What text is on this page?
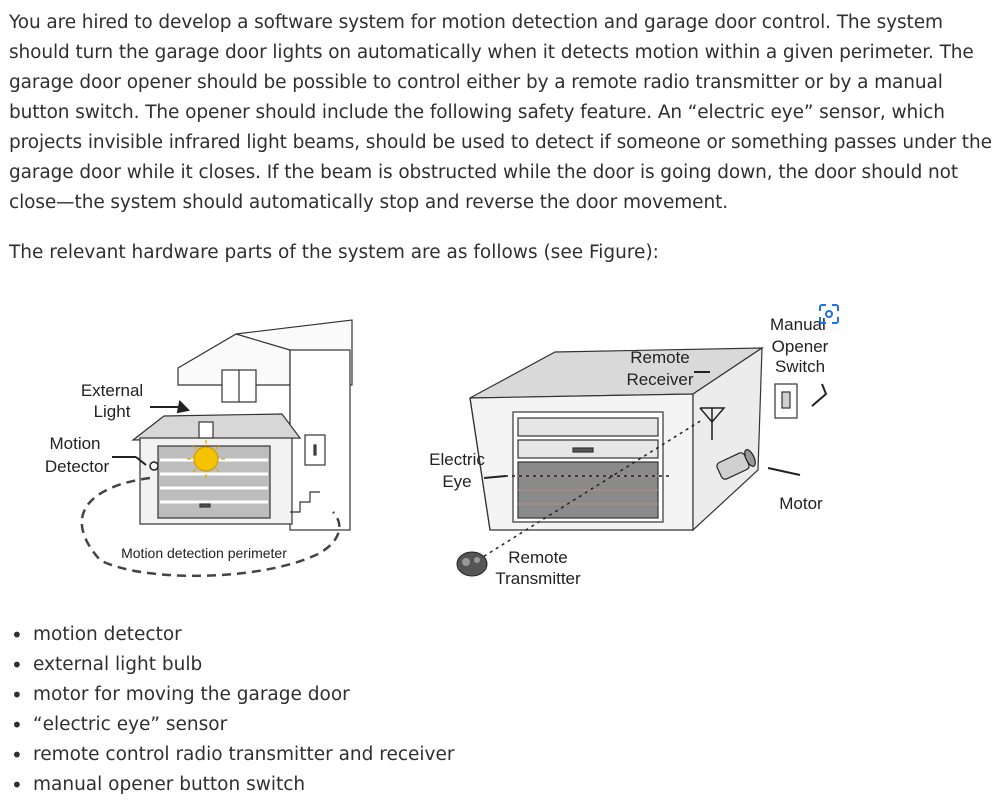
You are hired to develop a software system for motion detection and garage door control. The system should turn the garage door lights on automatically when it detects motion within a given perimeter. The garage door opener should be possible to control either by a remote radio transmitter or by a manual button switch. The opener should include the following safety feature. An “electric eye” sensor, which projects invisible infrared light beams, should be used to detect if someone or something passes under the garage door while it closes. If the beam is obstructed while the door is going down, the door should not close—the system should automatically stop and reverse the door movement.

The relevant hardware parts of the system are as follows (see Figure):

External
Light
Motion
Detector
Motion detection perimeter
Electric
Eye
Remote
Receiver
Manual
Opener
Switch
Motor
Remote
Transmitter
• motion detector
• external light bulb
• motor for moving the garage door
• “electric eye” sensor
• remote control radio transmitter and receiver
• manual opener button switch
